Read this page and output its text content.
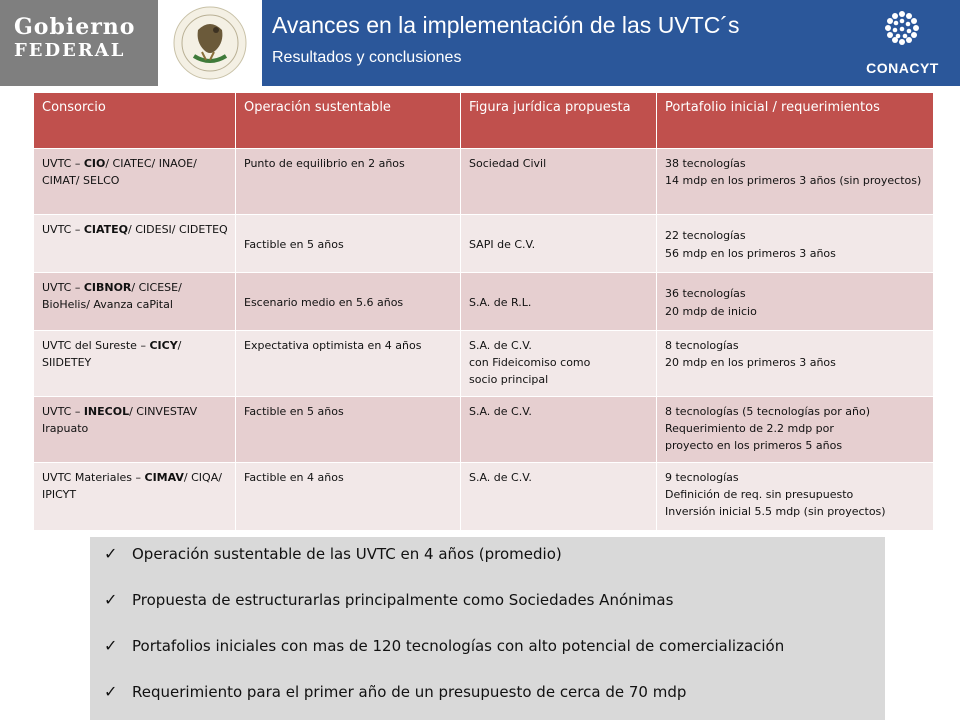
Gobierno
FEDERAL
Avances en la implementación de las UVTC´s
Resultados y conclusiones
CONACYT
Consorcio	Operación sustentable	Figura jurídica propuesta	Portafolio inicial / requerimientos
UVTC – CIO/ CIATEC/ INAOE/ CIMAT/ SELCO	Punto de equilibrio en 2 años	Sociedad Civil	38 tecnologías
14 mdp en los primeros 3 años (sin proyectos)

UVTC – CIATEQ/ CIDESI/ CIDETEQ	Factible en 5 años	SAPI de C.V.	22 tecnologías
56 mdp en los primeros 3 años

UVTC – CIBNOR/ CICESE/ BioHelis/ Avanza caPital	Escenario medio en 5.6 años	S.A. de R.L.	36 tecnologías
20 mdp de inicio

UVTC del Sureste – CICY/ SIIDETEY	Expectativa optimista en 4 años	S.A. de C.V.
con Fideicomiso como
socio principal	8 tecnologías
20 mdp en los primeros 3 años

UVTC – INECOL/ CINVESTAV Irapuato	Factible en 5 años	S.A. de C.V.	8 tecnologías (5 tecnologías por año)
Requerimiento de 2.2 mdp por
proyecto en los primeros 5 años

UVTC Materiales – CIMAV/ CIQA/ IPICYT	Factible en 4 años	S.A. de C.V.	9 tecnologías
Definición de req. sin presupuesto
Inversión inicial 5.5 mdp (sin proyectos)
✓ Operación sustentable de las UVTC en 4 años (promedio)
✓ Propuesta de estructurarlas principalmente como Sociedades Anónimas
✓ Portafolios iniciales con mas de 120 tecnologías con alto potencial de comercialización
✓ Requerimiento para el primer año de un presupuesto de cerca de 70 mdp
